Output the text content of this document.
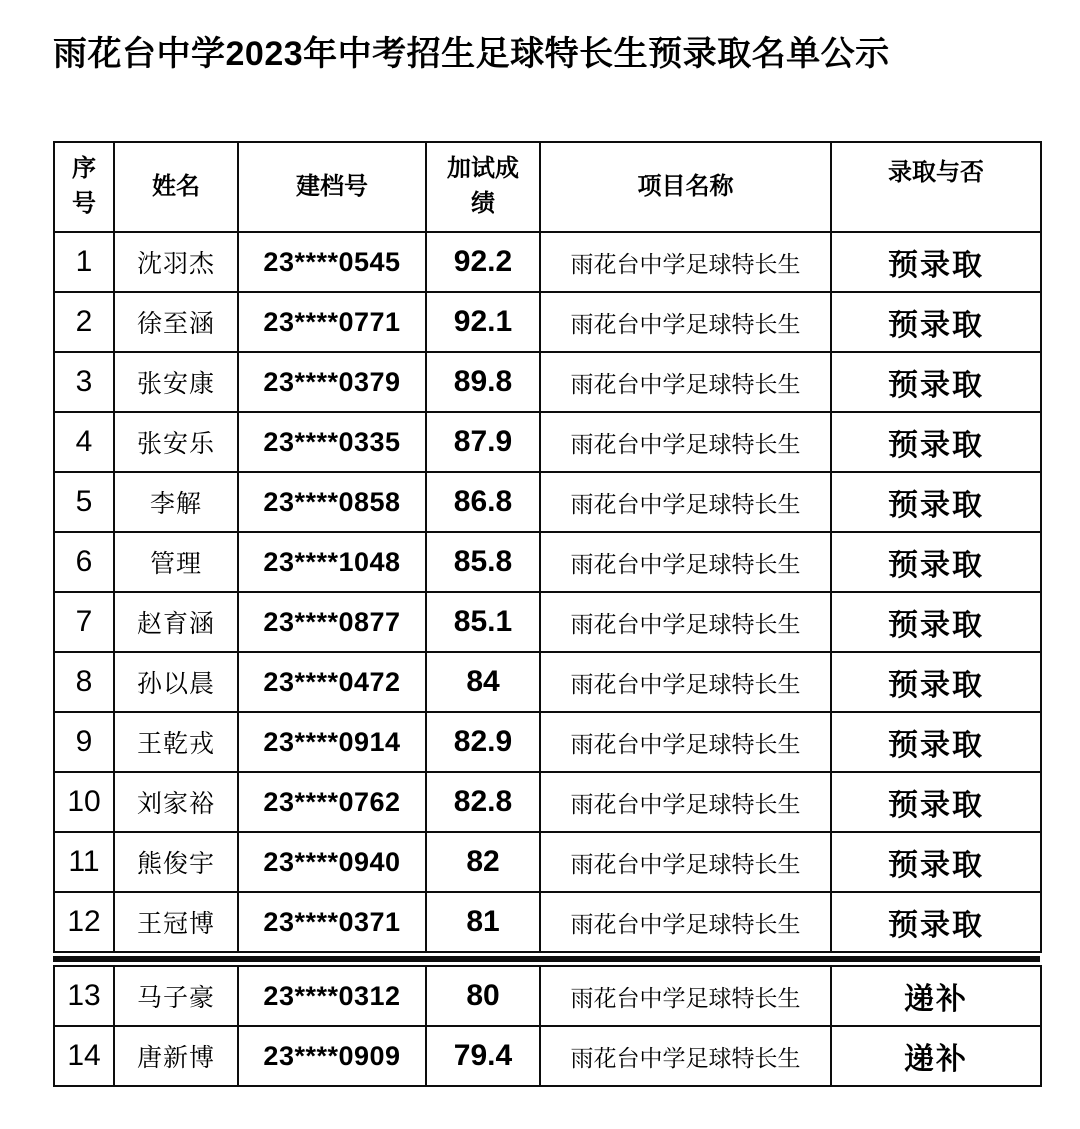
雨花台中学2023年中考招生足球特长生预录取名单公示
序号	姓名	建档号	加试成绩	项目名称	录取与否
1	沈羽杰	23****0545	92.2	雨花台中学足球特长生	预录取
2	徐至涵	23****0771	92.1	雨花台中学足球特长生	预录取
3	张安康	23****0379	89.8	雨花台中学足球特长生	预录取
4	张安乐	23****0335	87.9	雨花台中学足球特长生	预录取
5	李解	23****0858	86.8	雨花台中学足球特长生	预录取
6	管理	23****1048	85.8	雨花台中学足球特长生	预录取
7	赵育涵	23****0877	85.1	雨花台中学足球特长生	预录取
8	孙以晨	23****0472	84	雨花台中学足球特长生	预录取
9	王乾戎	23****0914	82.9	雨花台中学足球特长生	预录取
10	刘家裕	23****0762	82.8	雨花台中学足球特长生	预录取
11	熊俊宇	23****0940	82	雨花台中学足球特长生	预录取
12	王冠博	23****0371	81	雨花台中学足球特长生	预录取
13	马子豪	23****0312	80	雨花台中学足球特长生	递补
14	唐新博	23****0909	79.4	雨花台中学足球特长生	递补
